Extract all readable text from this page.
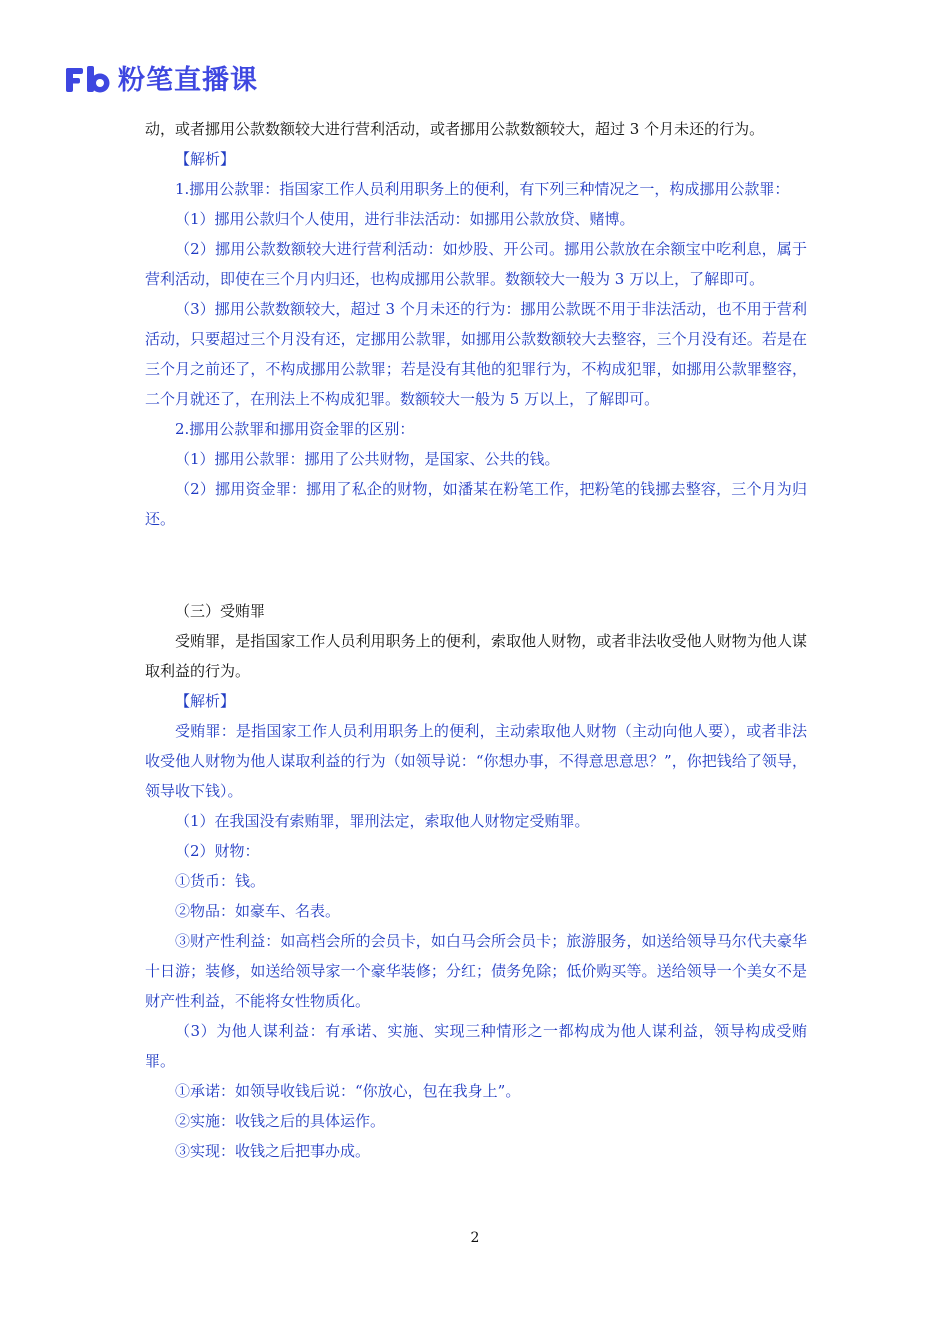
粉笔直播课

动，或者挪用公款数额较大进行营利活动，或者挪用公款数额较大，超过 3 个月未还的行为。

【解析】

1.挪用公款罪：指国家工作人员利用职务上的便利，有下列三种情况之一，构成挪用公款罪：

（1）挪用公款归个人使用，进行非法活动：如挪用公款放贷、赌博。

（2）挪用公款数额较大进行营利活动：如炒股、开公司。挪用公款放在余额宝中吃利息，属于营利活动，即使在三个月内归还，也构成挪用公款罪。数额较大一般为 3 万以上，了解即可。

（3）挪用公款数额较大，超过 3 个月未还的行为：挪用公款既不用于非法活动，也不用于营利活动，只要超过三个月没有还，定挪用公款罪，如挪用公款数额较大去整容，三个月没有还。若是在三个月之前还了，不构成挪用公款罪；若是没有其他的犯罪行为，不构成犯罪，如挪用公款罪整容，二个月就还了，在刑法上不构成犯罪。数额较大一般为 5 万以上，了解即可。

2.挪用公款罪和挪用资金罪的区别：

（1）挪用公款罪：挪用了公共财物，是国家、公共的钱。

（2）挪用资金罪：挪用了私企的财物，如潘某在粉笔工作，把粉笔的钱挪去整容，三个月为归还。

（三）受贿罪

受贿罪，是指国家工作人员利用职务上的便利，索取他人财物，或者非法收受他人财物为他人谋取利益的行为。

【解析】

受贿罪：是指国家工作人员利用职务上的便利，主动索取他人财物（主动向他人要），或者非法收受他人财物为他人谋取利益的行为（如领导说：“你想办事，不得意思意思？”，你把钱给了领导，领导收下钱）。

（1）在我国没有索贿罪，罪刑法定，索取他人财物定受贿罪。

（2）财物：

①货币：钱。

②物品：如豪车、名表。

③财产性利益：如高档会所的会员卡，如白马会所会员卡；旅游服务，如送给领导马尔代夫豪华十日游；装修，如送给领导家一个豪华装修；分红；债务免除；低价购买等。送给领导一个美女不是财产性利益，不能将女性物质化。

（3）为他人谋利益：有承诺、实施、实现三种情形之一都构成为他人谋利益，领导构成受贿罪。

①承诺：如领导收钱后说：“你放心，包在我身上”。

②实施：收钱之后的具体运作。

③实现：收钱之后把事办成。

2
